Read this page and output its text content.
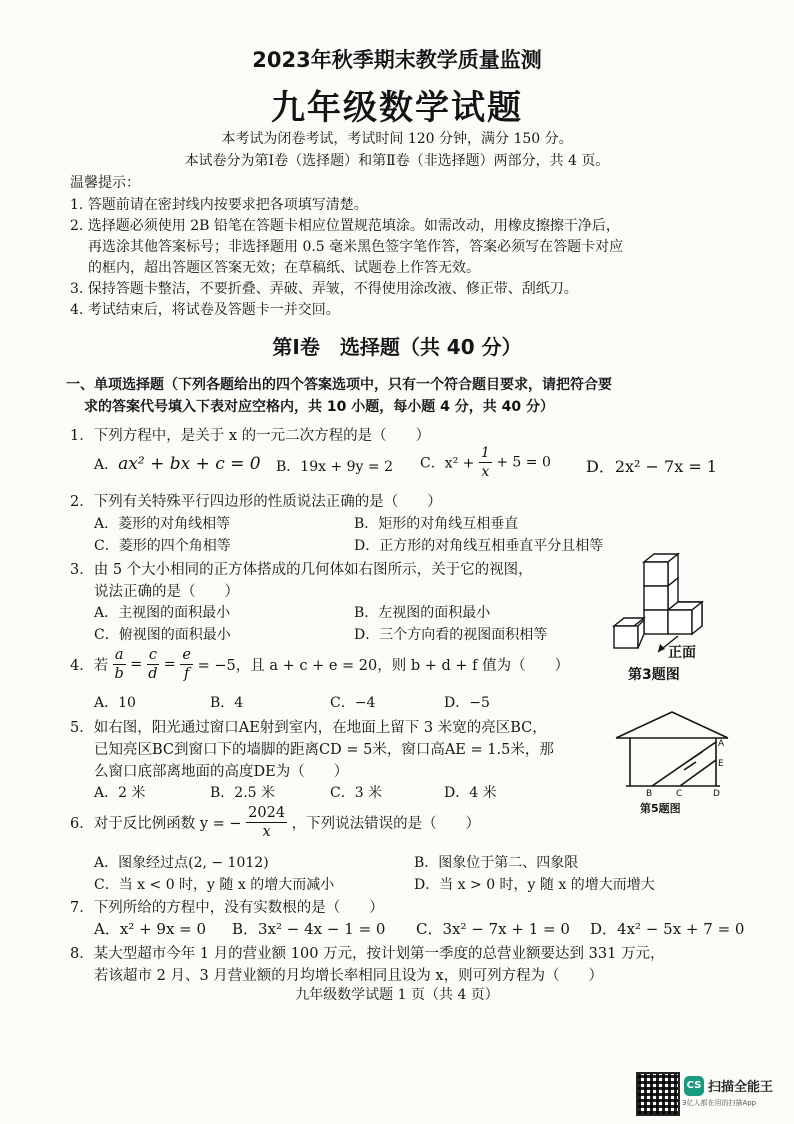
2023年秋季期末教学质量监测
九年级数学试题
本考试为闭卷考试，考试时间 120 分钟，满分 150 分。
本试卷分为第Ⅰ卷（选择题）和第Ⅱ卷（非选择题）两部分，共 4 页。
温馨提示：
1. 答题前请在密封线内按要求把各项填写清楚。
2. 选择题必须使用 2B 铅笔在答题卡相应位置规范填涂。如需改动，用橡皮擦擦干净后，
再选涂其他答案标号；非选择题用 0.5 毫米黑色签字笔作答，答案必须写在答题卡对应
的框内，超出答题区答案无效；在草稿纸、试题卷上作答无效。
3. 保持答题卡整洁，不要折叠、弄破、弄皱，不得使用涂改液、修正带、刮纸刀。
4. 考试结束后，将试卷及答题卡一并交回。
第Ⅰ卷　选择题（共 40 分）
一、单项选择题（下列各题给出的四个答案选项中，只有一个符合题目要求，请把符合要
求的答案代号填入下表对应空格内，共 10 小题，每小题 4 分，共 40 分）
1．下列方程中，是关于 x 的一元二次方程的是（　　）
A．ax² + bx + c = 0 B．19x + 9y = 2 C．$x^2 + \frac{1}{x} + 5 = 0$ D．2x² − 7x = 1
2．下列有关特殊平行四边形的性质说法正确的是（　　）
A．菱形的对角线相等	B．矩形的对角线互相垂直
C．菱形的四个角相等	D．正方形的对角线互相垂直平分且相等
3．由 5 个大小相同的正方体搭成的几何体如右图所示，关于它的视图，
说法正确的是（　　）
A．主视图的面积最小	B．左视图的面积最小
C．俯视图的面积最小	D．三个方向看的视图面积相等
正面
第3题图
4．若 $\frac{a}{b} = \frac{c}{d} = \frac{e}{f} = -5$，且 a + c + e = 20，则 b + d + f 值为（　　）
A．10	B．4	C．−4	D．−5
5．如右图，阳光通过窗口AE射到室内，在地面上留下 3 米宽的亮区BC，
已知亮区BC到窗口下的墙脚的距离CD = 5米，窗口高AE = 1.5米，那
么窗口底部离地面的高度DE为（　　）
A．2 米	B．2.5 米	C．3 米	D．4 米
A
E
B	C	D
第5题图
6．对于反比例函数 y = − $\frac{2024}{x}$ ，下列说法错误的是（　　）
A．图象经过点(2, − 1012)	B．图象位于第二、四象限
C．当 x < 0 时，y 随 x 的增大而减小	D．当 x > 0 时，y 随 x 的增大而增大
7．下列所给的方程中，没有实数根的是（　　）
A．x² + 9x = 0 B．3x² − 4x − 1 = 0 C．3x² − 7x + 1 = 0 D．4x² − 5x + 7 = 0
8．某大型超市今年 1 月的营业额 100 万元，按计划第一季度的总营业额要达到 331 万元，
若该超市 2 月、3 月营业额的月均增长率相同且设为 x，则可列方程为（　　）
九年级数学试题 1 页（共 4 页）
CS 扫描全能王
3亿人都在用的扫描App
